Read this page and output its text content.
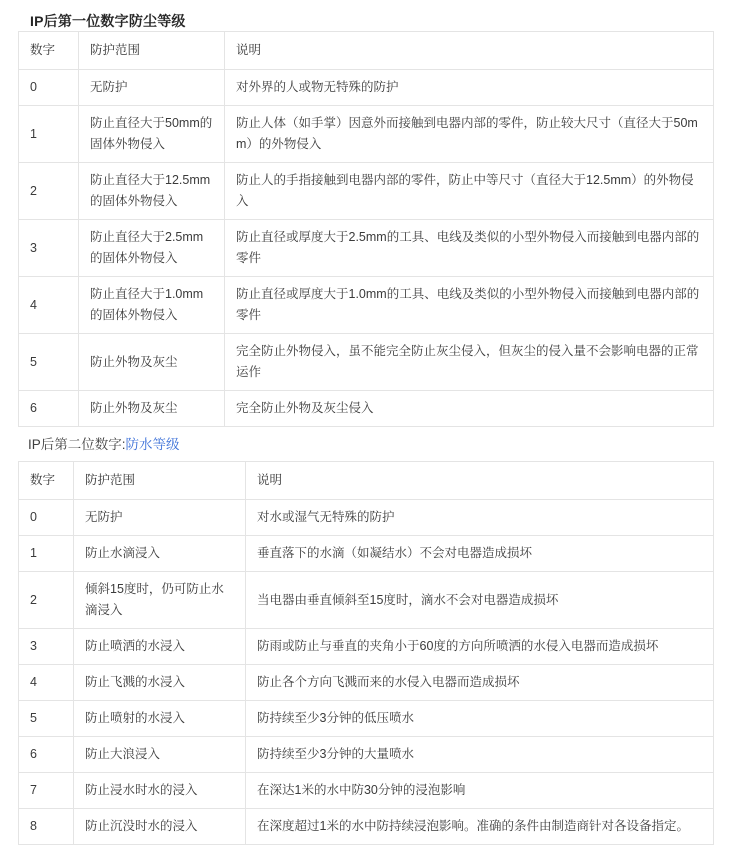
IP后第一位数字防尘等级
数字	防护范围	说明
0	无防护	对外界的人或物无特殊的防护
1	防止直径大于50mm的固体外物侵入	防止人体（如手掌）因意外而接触到电器内部的零件，防止较大尺寸（直径大于50mm）的外物侵入
2	防止直径大于12.5mm的固体外物侵入	防止人的手指接触到电器内部的零件，防止中等尺寸（直径大于12.5mm）的外物侵入
3	防止直径大于2.5mm的固体外物侵入	防止直径或厚度大于2.5mm的工具、电线及类似的小型外物侵入而接触到电器内部的零件
4	防止直径大于1.0mm的固体外物侵入	防止直径或厚度大于1.0mm的工具、电线及类似的小型外物侵入而接触到电器内部的零件
5	防止外物及灰尘	完全防止外物侵入，虽不能完全防止灰尘侵入，但灰尘的侵入量不会影响电器的正常运作
6	防止外物及灰尘	完全防止外物及灰尘侵入
IP后第二位数字:防水等级
数字	防护范围	说明
0	无防护	对水或湿气无特殊的防护
1	防止水滴浸入	垂直落下的水滴（如凝结水）不会对电器造成损坏
2	倾斜15度时，仍可防止水滴浸入	当电器由垂直倾斜至15度时，滴水不会对电器造成损坏
3	防止喷洒的水浸入	防雨或防止与垂直的夹角小于60度的方向所喷洒的水侵入电器而造成损坏
4	防止飞溅的水浸入	防止各个方向飞溅而来的水侵入电器而造成损坏
5	防止喷射的水浸入	防持续至少3分钟的低压喷水
6	防止大浪浸入	防持续至少3分钟的大量喷水
7	防止浸水时水的浸入	在深达1米的水中防30分钟的浸泡影响
8	防止沉没时水的浸入	在深度超过1米的水中防持续浸泡影响。准确的条件由制造商针对各设备指定。
